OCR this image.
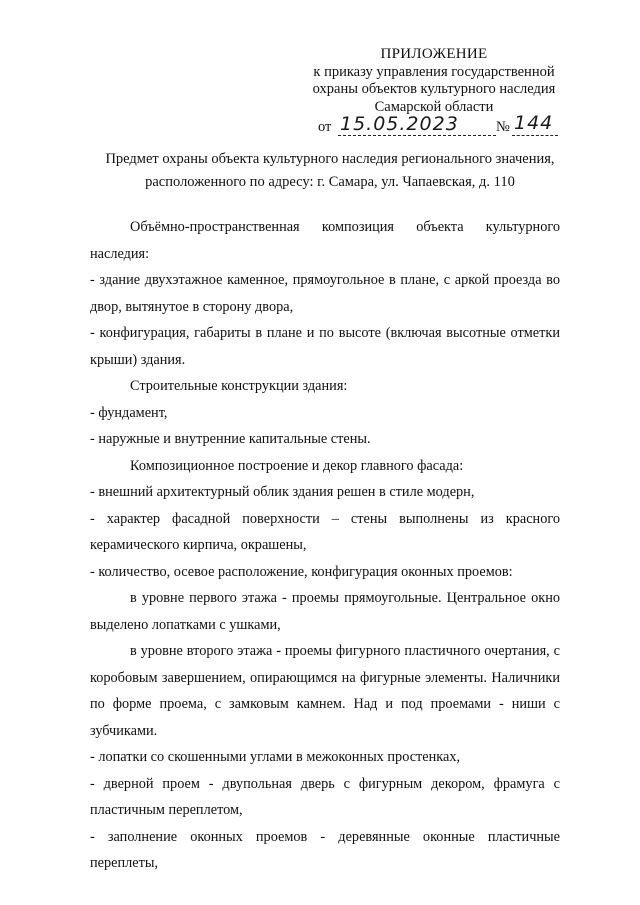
ПРИЛОЖЕНИЕ
к приказу управления государственной
охраны объектов культурного наследия
Самарской области
от 15.05.2023	№ 144
Предмет охраны объекта культурного наследия регионального значения,
расположенного по адресу: г. Самара, ул. Чапаевская, д. 110

Объёмно-пространственная композиция объекта культурного наследия:

- здание двухэтажное каменное, прямоугольное в плане, с аркой проезда во двор, вытянутое в сторону двора,

- конфигурация, габариты в плане и по высоте (включая высотные отметки крыши) здания.

Строительные конструкции здания:

- фундамент,

- наружные и внутренние капитальные стены.

Композиционное построение и декор главного фасада:

- внешний архитектурный облик здания решен в стиле модерн,

- характер фасадной поверхности – стены выполнены из красного керамического кирпича, окрашены,

- количество, осевое расположение, конфигурация оконных проемов:

в уровне первого этажа - проемы прямоугольные. Центральное окно выделено лопатками с ушками,

в уровне второго этажа - проемы фигурного пластичного очертания, с коробовым завершением, опирающимся на фигурные элементы. Наличники по форме проема, с замковым камнем. Над и под проемами - ниши с зубчиками.

- лопатки со скошенными углами в межоконных простенках,

- дверной проем - двупольная дверь с фигурным декором, фрамуга с пластичным переплетом,

- заполнение оконных проемов - деревянные оконные пластичные переплеты,
